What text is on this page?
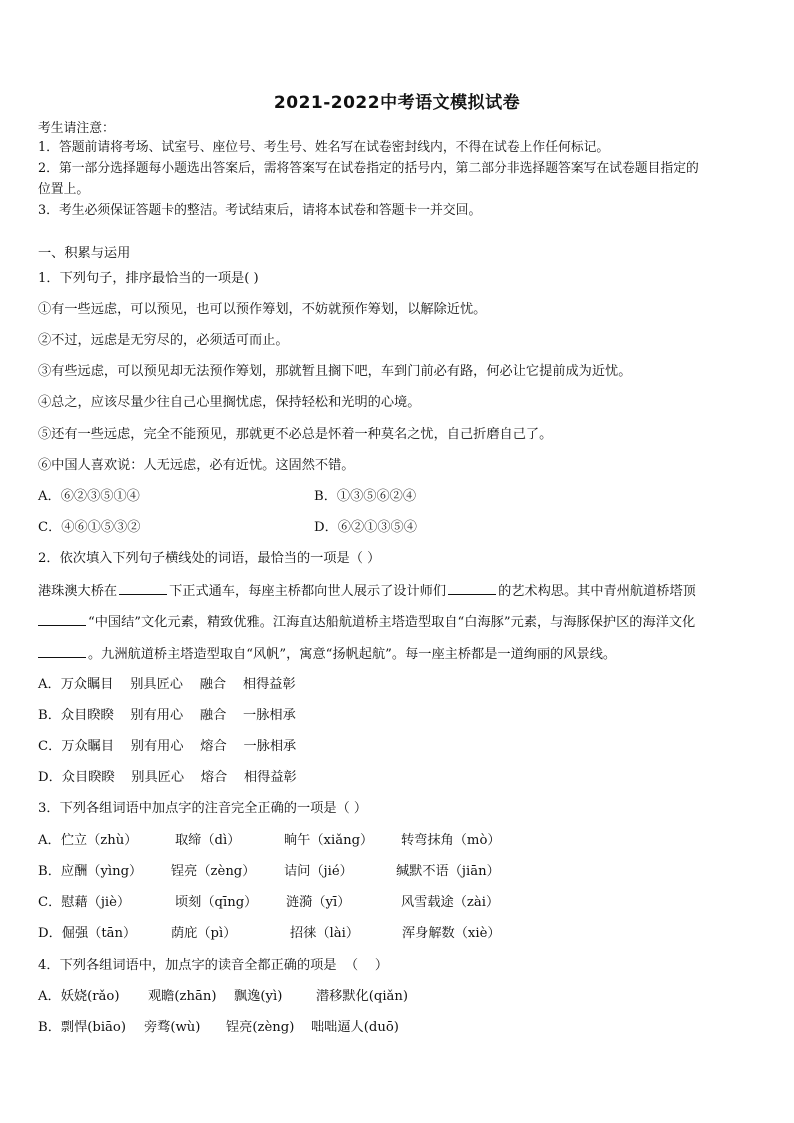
2021-2022中考语文模拟试卷
考生请注意：
1．答题前请将考场、试室号、座位号、考生号、姓名写在试卷密封线内，不得在试卷上作任何标记。
2．第一部分选择题每小题选出答案后，需将答案写在试卷指定的括号内，第二部分非选择题答案写在试卷题目指定的
位置上。
3．考生必须保证答题卡的整洁。考试结束后，请将本试卷和答题卡一并交回。
一、积累与运用
1．下列句子，排序最恰当的一项是( )
①有一些远虑，可以预见，也可以预作筹划，不妨就预作筹划，以解除近忧。
②不过，远虑是无穷尽的，必须适可而止。
③有些远虑，可以预见却无法预作筹划，那就暂且搁下吧，车到门前必有路，何必让它提前成为近忧。
④总之，应该尽量少往自己心里搁忧虑，保持轻松和光明的心境。
⑤还有一些远虑，完全不能预见，那就更不必总是怀着一种莫名之忧，自己折磨自己了。
⑥中国人喜欢说：人无远虑，必有近忧。这固然不错。
A．⑥②③⑤①④	B．①③⑤⑥②④
C．④⑥①⑤③②	D．⑥②①③⑤④
2．依次填入下列句子横线处的词语，最恰当的一项是（ ）
港珠澳大桥在	下正式通车，每座主桥都向世人展示了设计师们	的艺术构思。其中青州航道桥塔顶
“中国结”文化元素，精致优雅。江海直达船航道桥主塔造型取自“白海豚”元素，与海豚保护区的海洋文化
。九洲航道桥主塔造型取自“风帆”，寓意“扬帆起航”。每一座主桥都是一道绚丽的风景线。
A．万众瞩目    别具匠心    融合    相得益彰
B．众目睽睽    别有用心    融合    一脉相承
C．万众瞩目    别有用心    熔合    一脉相承
D．众目睽睽    别具匠心    熔合    相得益彰
3．下列各组词语中加点字的注音完全正确的一项是（ ）
A．伫立（zhù）	取缔（dì）	晌午（xiǎng） 转弯抹角（mò）
B．应酬（yìng） 锃亮（zèng） 诘问（jié）	缄默不语（jiān）
C．慰藉（jiè）	顷刻（qīng） 涟漪（yī）	风雪载途（zài）
D．倔强（tān）	荫庇（pì）	招徕（lài）	浑身解数（xiè）
4．下列各组词语中，加点字的读音全都正确的项是  （    ）
A．妖娆(rǎo) 观瞻(zhān) 飘逸(yì)	潜移默化(qiǎn)
B．剽悍(biāo) 旁骛(wù) 锃亮(zèng) 咄咄逼人(duō)
